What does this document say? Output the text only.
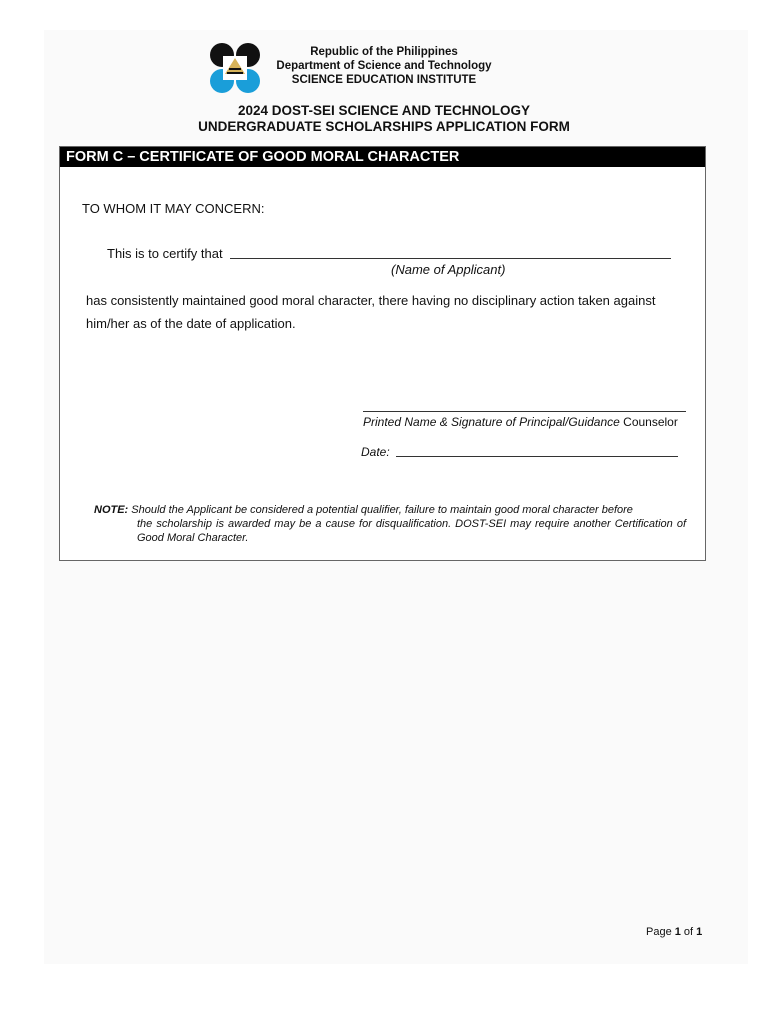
Republic of the Philippines
Department of Science and Technology
SCIENCE EDUCATION INSTITUTE
2024 DOST-SEI SCIENCE AND TECHNOLOGY
UNDERGRADUATE SCHOLARSHIPS APPLICATION FORM
FORM C – CERTIFICATE OF GOOD MORAL CHARACTER
TO WHOM IT MAY CONCERN:
This is to certify that
(Name of Applicant)
has consistently maintained good moral character, there having no disciplinary action taken against
him/her as of the date of application.
Printed Name & Signature of Principal/Guidance Counselor
Date:
NOTE: Should the Applicant be considered a potential qualifier, failure to maintain good moral character before
the scholarship is awarded may be a cause for disqualification. DOST-SEI may require another Certification of Good Moral Character.
Page 1 of 1
